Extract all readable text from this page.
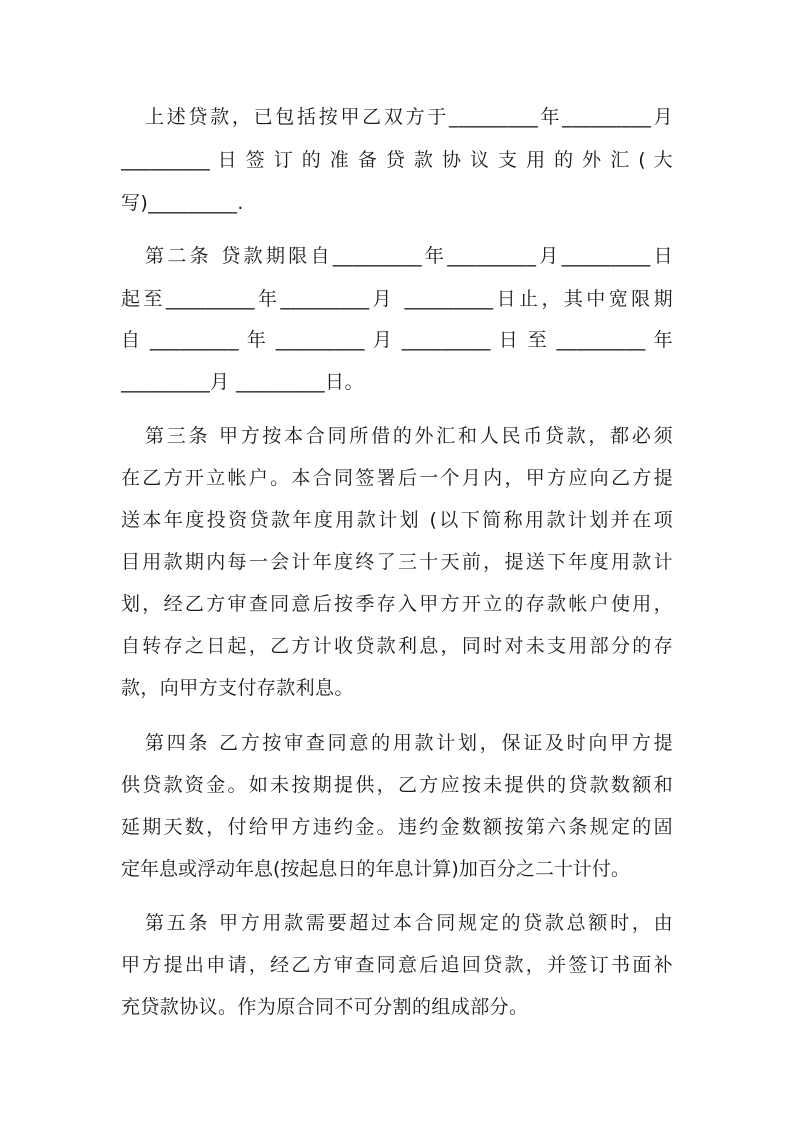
上述贷款，已包括按甲乙双方于_________年_________月
_________ 日 签 订 的 准 备 贷 款 协 议 支 用 的 外 汇 ( 大
写)_________.
第二条 贷款期限自_________年_________月_________日
起至_________年_________月 _________日止，其中宽限期
自 _________ 年 _________ 月 _________ 日 至 _________ 年
_________月 _________日。
第三条 甲方按本合同所借的外汇和人民币贷款，都必须
在乙方开立帐户。本合同签署后一个月内，甲方应向乙方提
送本年度投资贷款年度用款计划 (以下简称用款计划并在项
目用款期内每一会计年度终了三十天前，提送下年度用款计
划，经乙方审查同意后按季存入甲方开立的存款帐户使用，
自转存之日起，乙方计收贷款利息，同时对未支用部分的存
款，向甲方支付存款利息。
第四条 乙方按审查同意的用款计划，保证及时向甲方提
供贷款资金。如未按期提供，乙方应按未提供的贷款数额和
延期天数，付给甲方违约金。违约金数额按第六条规定的固
定年息或浮动年息(按起息日的年息计算)加百分之二十计付。
第五条 甲方用款需要超过本合同规定的贷款总额时，由
甲方提出申请，经乙方审查同意后追回贷款，并签订书面补
充贷款协议。作为原合同不可分割的组成部分。
